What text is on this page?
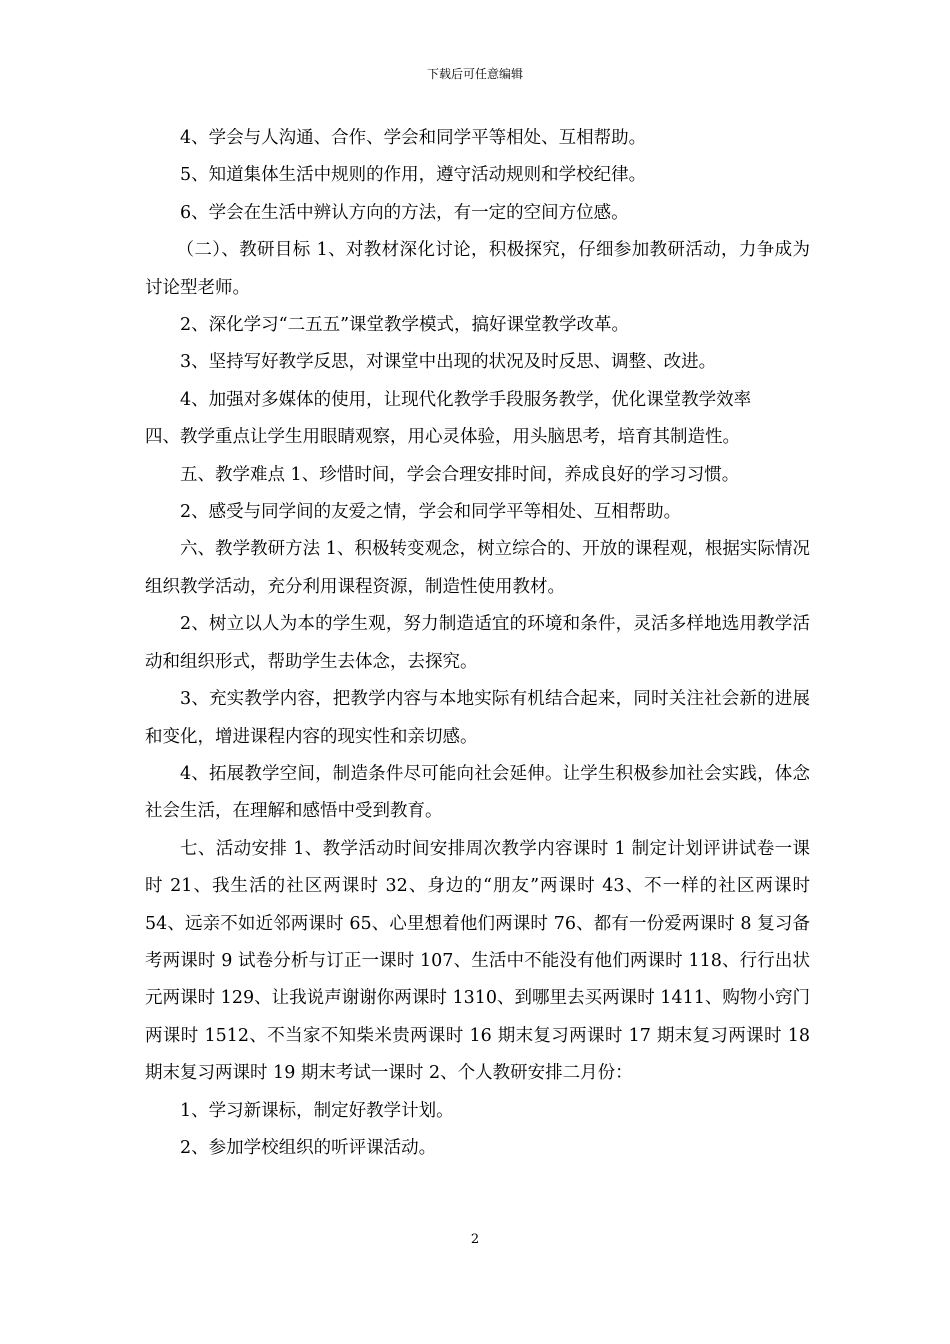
下载后可任意编辑

4、学会与人沟通、合作、学会和同学平等相处、互相帮助。

5、知道集体生活中规则的作用，遵守活动规则和学校纪律。

6、学会在生活中辨认方向的方法，有一定的空间方位感。

（二）、教研目标 1、对教材深化讨论，积极探究，仔细参加教研活动，力争成为讨论型老师。

2、深化学习“二五五”课堂教学模式，搞好课堂教学改革。

3、坚持写好教学反思，对课堂中出现的状况及时反思、调整、改进。

4、加强对多媒体的使用，让现代化教学手段服务教学，优化课堂教学效率

四、教学重点让学生用眼睛观察，用心灵体验，用头脑思考，培育其制造性。

五、教学难点 1、珍惜时间，学会合理安排时间，养成良好的学习习惯。

2、感受与同学间的友爱之情，学会和同学平等相处、互相帮助。

六、教学教研方法 1、积极转变观念，树立综合的、开放的课程观，根据实际情况组织教学活动，充分利用课程资源，制造性使用教材。

2、树立以人为本的学生观，努力制造适宜的环境和条件，灵活多样地选用教学活动和组织形式，帮助学生去体念，去探究。

3、充实教学内容，把教学内容与本地实际有机结合起来，同时关注社会新的进展和变化，增进课程内容的现实性和亲切感。

4、拓展教学空间，制造条件尽可能向社会延伸。让学生积极参加社会实践，体念社会生活，在理解和感悟中受到教育。

七、活动安排 1、教学活动时间安排周次教学内容课时 1 制定计划评讲试卷一课时 21、我生活的社区两课时 32、身边的“朋友”两课时 43、不一样的社区两课时 54、远亲不如近邻两课时 65、心里想着他们两课时 76、都有一份爱两课时 8 复习备考两课时 9 试卷分析与订正一课时 107、生活中不能没有他们两课时 118、行行出状元两课时 129、让我说声谢谢你两课时 1310、到哪里去买两课时 1411、购物小窍门两课时 1512、不当家不知柴米贵两课时 16 期末复习两课时 17 期末复习两课时 18 期末复习两课时 19 期末考试一课时 2、个人教研安排二月份：

1、学习新课标，制定好教学计划。

2、参加学校组织的听评课活动。

2
